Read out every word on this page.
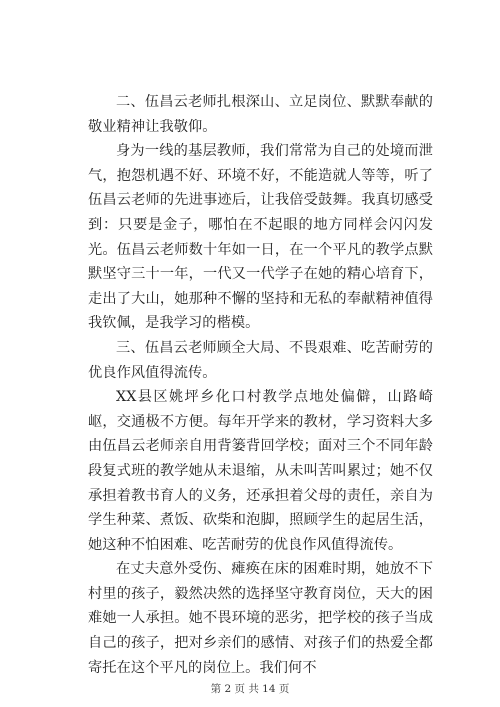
二、伍昌云老师扎根深山、立足岗位、默默奉献的敬业精神让我敬仰。

身为一线的基层教师，我们常常为自己的处境而泄气，抱怨机遇不好、环境不好，不能造就人等等，听了伍昌云老师的先进事迹后，让我倍受鼓舞。我真切感受到：只要是金子，哪怕在不起眼的地方同样会闪闪发光。伍昌云老师数十年如一日，在一个平凡的教学点默默坚守三十一年，一代又一代学子在她的精心培育下，走出了大山，她那种不懈的坚持和无私的奉献精神值得我钦佩，是我学习的楷模。

三、伍昌云老师顾全大局、不畏艰难、吃苦耐劳的优良作风值得流传。

XX县区姚坪乡化口村教学点地处偏僻，山路崎岖，交通极不方便。每年开学来的教材，学习资料大多由伍昌云老师亲自用背篓背回学校；面对三个不同年龄段复式班的教学她从未退缩，从未叫苦叫累过；她不仅承担着教书育人的义务，还承担着父母的责任，亲自为学生种菜、煮饭、砍柴和泡脚，照顾学生的起居生活，她这种不怕困难、吃苦耐劳的优良作风值得流传。

在丈夫意外受伤、瘫痪在床的困难时期，她放不下村里的孩子，毅然决然的选择坚守教育岗位，天大的困难她一人承担。她不畏环境的恶劣，把学校的孩子当成自己的孩子，把对乡亲们的感情、对孩子们的热爱全都寄托在这个平凡的岗位上。我们何不

第 2 页 共 14 页
